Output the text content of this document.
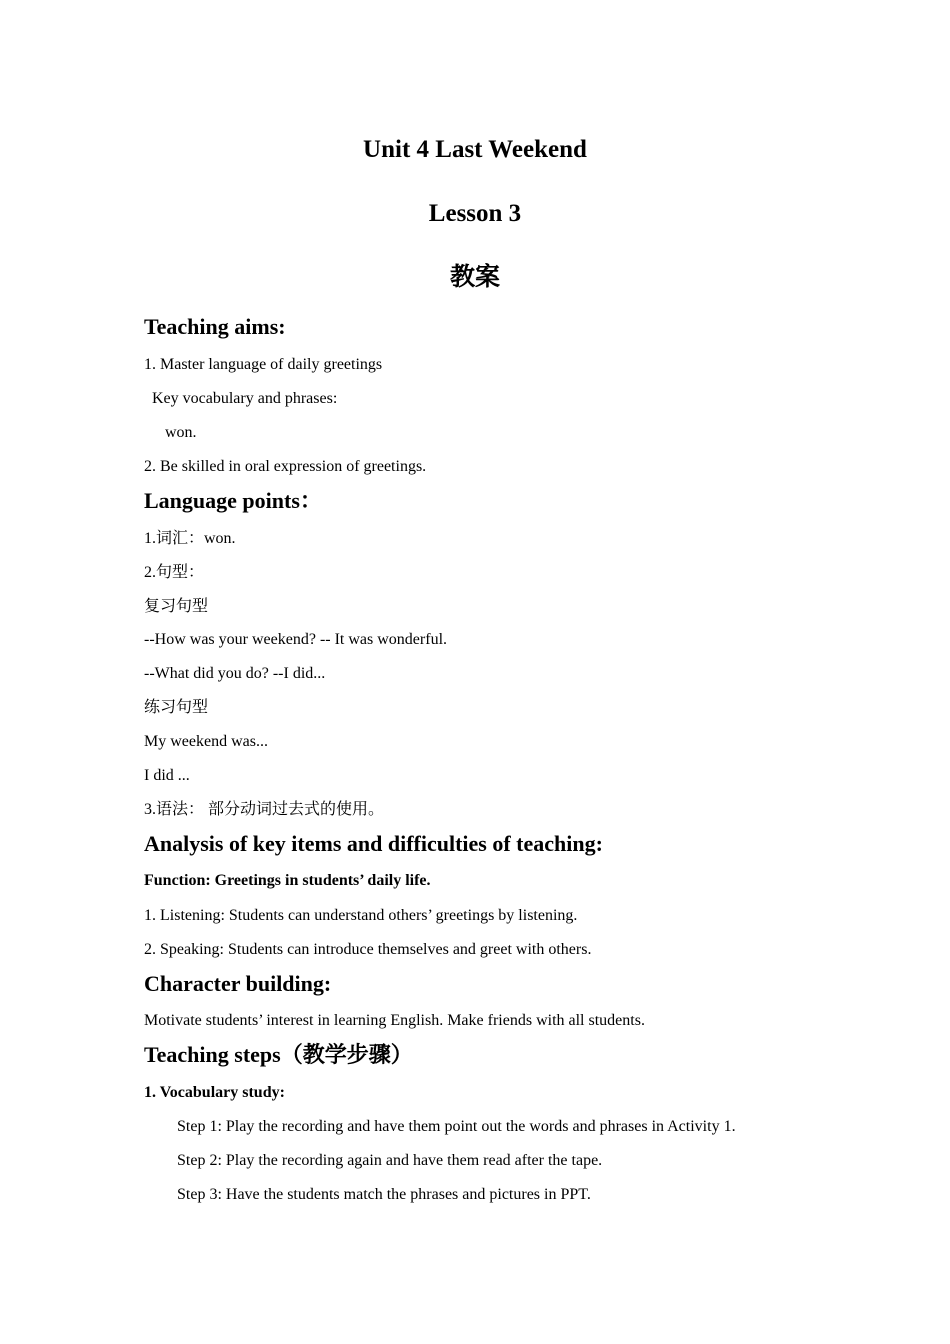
Unit 4 Last Weekend
Lesson 3
教案
Teaching aims:

1. Master language of daily greetings

Key vocabulary and phrases:

won.

2. Be skilled in oral expression of greetings.

Language points：

1.词汇：won.

2.句型：

复习句型

--How was your weekend? -- It was wonderful.

--What did you do? --I did...

练习句型

My weekend was...

I did ...

3.语法： 部分动词过去式的使用。

Analysis of key items and difficulties of teaching:

Function: Greetings in students’ daily life.

1. Listening: Students can understand others’ greetings by listening.

2. Speaking: Students can introduce themselves and greet with others.

Character building:

Motivate students’ interest in learning English. Make friends with all students.

Teaching steps（教学步骤）

1. Vocabulary study:

Step 1: Play the recording and have them point out the words and phrases in Activity 1.

Step 2: Play the recording again and have them read after the tape.

Step 3: Have the students match the phrases and pictures in PPT.
